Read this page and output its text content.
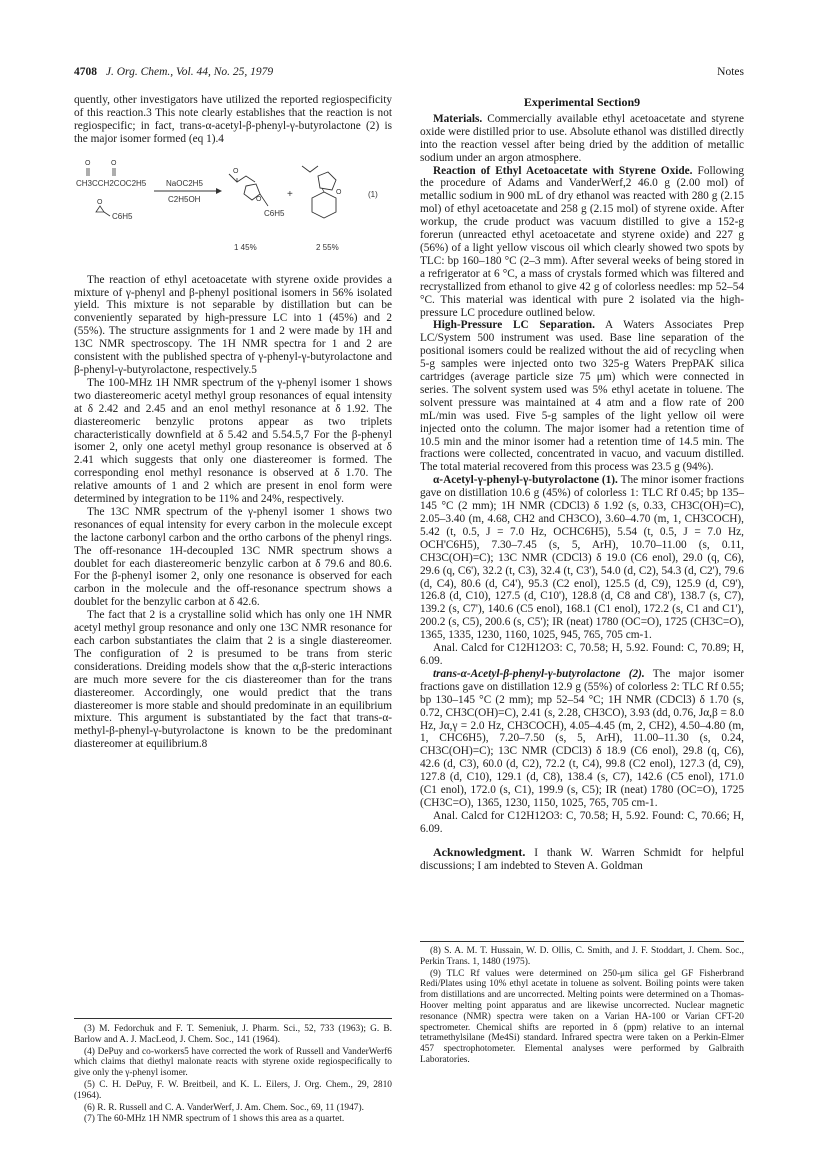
4708 J. Org. Chem., Vol. 44, No. 25, 1979	Notes

quently, other investigators have utilized the reported regiospecificity of this reaction.3 This note clearly establishes that the reaction is not regiospecific; in fact, trans-α-acetyl-β-phenyl-γ-butyrolactone (2) is the major isomer formed (eq 1).4

CH3CCH2COC2H5
O	O
O
C6H5
NaOC2H5
C2H5OH
O
O
C6H5
+	O	(1)
1 45%	2 55%

The reaction of ethyl acetoacetate with styrene oxide provides a mixture of γ-phenyl and β-phenyl positional isomers in 56% isolated yield. This mixture is not separable by distillation but can be conveniently separated by high-pressure LC into 1 (45%) and 2 (55%). The structure assignments for 1 and 2 were made by 1H and 13C NMR spectroscopy. The 1H NMR spectra for 1 and 2 are consistent with the published spectra of γ-phenyl-γ-butyrolactone and β-phenyl-γ-butyrolactone, respectively.5

The 100-MHz 1H NMR spectrum of the γ-phenyl isomer 1 shows two diastereomeric acetyl methyl group resonances of equal intensity at δ 2.42 and 2.45 and an enol methyl resonance at δ 1.92. The diastereomeric benzylic protons appear as two triplets characteristically downfield at δ 5.42 and 5.54.5,7 For the β-phenyl isomer 2, only one acetyl methyl group resonance is observed at δ 2.41 which suggests that only one diastereomer is formed. The corresponding enol methyl resonance is observed at δ 1.70. The relative amounts of 1 and 2 which are present in enol form were determined by integration to be 11% and 24%, respectively.

The 13C NMR spectrum of the γ-phenyl isomer 1 shows two resonances of equal intensity for every carbon in the molecule except the lactone carbonyl carbon and the ortho carbons of the phenyl rings. The off-resonance 1H-decoupled 13C NMR spectrum shows a doublet for each diastereomeric benzylic carbon at δ 79.6 and 80.6. For the β-phenyl isomer 2, only one resonance is observed for each carbon in the molecule and the off-resonance spectrum shows a doublet for the benzylic carbon at δ 42.6.

The fact that 2 is a crystalline solid which has only one 1H NMR acetyl methyl group resonance and only one 13C NMR resonance for each carbon substantiates the claim that 2 is a single diastereomer. The configuration of 2 is presumed to be trans from steric considerations. Dreiding models show that the α,β-steric interactions are much more severe for the cis diastereomer than for the trans diastereomer. Accordingly, one would predict that the trans diastereomer is more stable and should predominate in an equilibrium mixture. This argument is substantiated by the fact that trans-α-methyl-β-phenyl-γ-butyrolactone is known to be the predominant diastereomer at equilibrium.8

Experimental Section9

Materials. Commercially available ethyl acetoacetate and styrene oxide were distilled prior to use. Absolute ethanol was distilled directly into the reaction vessel after being dried by the addition of metallic sodium under an argon atmosphere.

Reaction of Ethyl Acetoacetate with Styrene Oxide. Following the procedure of Adams and VanderWerf,2 46.0 g (2.00 mol) of metallic sodium in 900 mL of dry ethanol was reacted with 280 g (2.15 mol) of ethyl acetoacetate and 258 g (2.15 mol) of styrene oxide. After workup, the crude product was vacuum distilled to give a 152-g forerun (unreacted ethyl acetoacetate and styrene oxide) and 227 g (56%) of a light yellow viscous oil which clearly showed two spots by TLC: bp 160–180 °C (2–3 mm). After several weeks of being stored in a refrigerator at 6 °C, a mass of crystals formed which was filtered and recrystallized from ethanol to give 42 g of colorless needles: mp 52–54 °C. This material was identical with pure 2 isolated via the high-pressure LC procedure outlined below.

High-Pressure LC Separation. A Waters Associates Prep LC/System 500 instrument was used. Base line separation of the positional isomers could be realized without the aid of recycling when 5-g samples were injected onto two 325-g Waters PrepPAK silica cartridges (average particle size 75 μm) which were connected in series. The solvent system used was 5% ethyl acetate in toluene. The solvent pressure was maintained at 4 atm and a flow rate of 200 mL/min was used. Five 5-g samples of the light yellow oil were injected onto the column. The major isomer had a retention time of 10.5 min and the minor isomer had a retention time of 14.5 min. The fractions were collected, concentrated in vacuo, and vacuum distilled. The total material recovered from this process was 23.5 g (94%).

α-Acetyl-γ-phenyl-γ-butyrolactone (1). The minor isomer fractions gave on distillation 10.6 g (45%) of colorless 1: TLC Rf 0.45; bp 135–145 °C (2 mm); 1H NMR (CDCl3) δ 1.92 (s, 0.33, CH3C(OH)=C), 2.05–3.40 (m, 4.68, CH2 and CH3CO), 3.60–4.70 (m, 1, CH3COCH), 5.42 (t, 0.5, J = 7.0 Hz, OCHC6H5), 5.54 (t, 0.5, J = 7.0 Hz, OCH'C6H5), 7.30–7.45 (s, 5, ArH), 10.70–11.00 (s, 0.11, CH3C(OH)=C); 13C NMR (CDCl3) δ 19.0 (C6 enol), 29.0 (q, C6), 29.6 (q, C6'), 32.2 (t, C3), 32.4 (t, C3'), 54.0 (d, C2), 54.3 (d, C2'), 79.6 (d, C4), 80.6 (d, C4'), 95.3 (C2 enol), 125.5 (d, C9), 125.9 (d, C9'), 126.8 (d, C10), 127.5 (d, C10'), 128.8 (d, C8 and C8'), 138.7 (s, C7), 139.2 (s, C7'), 140.6 (C5 enol), 168.1 (C1 enol), 172.2 (s, C1 and C1'), 200.2 (s, C5), 200.6 (s, C5'); IR (neat) 1780 (OC=O), 1725 (CH3C=O), 1365, 1335, 1230, 1160, 1025, 945, 765, 705 cm-1.

Anal. Calcd for C12H12O3: C, 70.58; H, 5.92. Found: C, 70.89; H, 6.09.

trans-α-Acetyl-β-phenyl-γ-butyrolactone (2). The major isomer fractions gave on distillation 12.9 g (55%) of colorless 2: TLC Rf 0.55; bp 130–145 °C (2 mm); mp 52–54 °C; 1H NMR (CDCl3) δ 1.70 (s, 0.72, CH3C(OH)=C), 2.41 (s, 2.28, CH3CO), 3.93 (dd, 0.76, Jα,β = 8.0 Hz, Jα,γ = 2.0 Hz, CH3COCH), 4.05–4.45 (m, 2, CH2), 4.50–4.80 (m, 1, CHC6H5), 7.20–7.50 (s, 5, ArH), 11.00–11.30 (s, 0.24, CH3C(OH)=C); 13C NMR (CDCl3) δ 18.9 (C6 enol), 29.8 (q, C6), 42.6 (d, C3), 60.0 (d, C2), 72.2 (t, C4), 99.8 (C2 enol), 127.3 (d, C9), 127.8 (d, C10), 129.1 (d, C8), 138.4 (s, C7), 142.6 (C5 enol), 171.0 (C1 enol), 172.0 (s, C1), 199.9 (s, C5); IR (neat) 1780 (OC=O), 1725 (CH3C=O), 1365, 1230, 1150, 1025, 765, 705 cm-1.

Anal. Calcd for C12H12O3: C, 70.58; H, 5.92. Found: C, 70.66; H, 6.09.

Acknowledgment. I thank W. Warren Schmidt for helpful discussions; I am indebted to Steven A. Goldman

(3) M. Fedorchuk and F. T. Semeniuk, J. Pharm. Sci., 52, 733 (1963); G. B. Barlow and A. J. MacLeod, J. Chem. Soc., 141 (1964).

(4) DePuy and co-workers5 have corrected the work of Russell and VanderWerf6 which claims that diethyl malonate reacts with styrene oxide regiospecifically to give only the γ-phenyl isomer.

(5) C. H. DePuy, F. W. Breitbeil, and K. L. Eilers, J. Org. Chem., 29, 2810 (1964).

(6) R. R. Russell and C. A. VanderWerf, J. Am. Chem. Soc., 69, 11 (1947).

(7) The 60-MHz 1H NMR spectrum of 1 shows this area as a quartet.

(8) S. A. M. T. Hussain, W. D. Ollis, C. Smith, and J. F. Stoddart, J. Chem. Soc., Perkin Trans. 1, 1480 (1975).

(9) TLC Rf values were determined on 250-μm silica gel GF Fisherbrand Redi/Plates using 10% ethyl acetate in toluene as solvent. Boiling points were taken from distillations and are uncorrected. Melting points were determined on a Thomas-Hoover melting point apparatus and are likewise uncorrected. Nuclear magnetic resonance (NMR) spectra were taken on a Varian HA-100 or Varian CFT-20 spectrometer. Chemical shifts are reported in δ (ppm) relative to an internal tetramethylsilane (Me4Si) standard. Infrared spectra were taken on a Perkin-Elmer 457 spectrophotometer. Elemental analyses were performed by Galbraith Laboratories.
